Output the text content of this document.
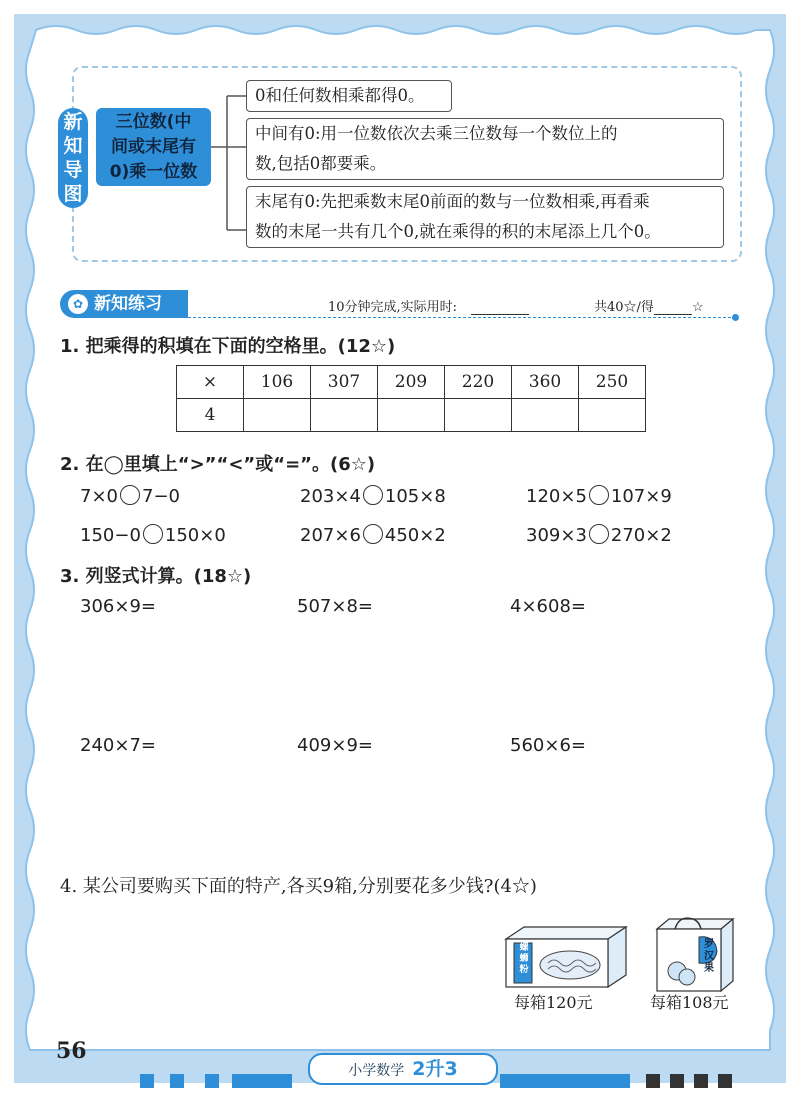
新
知
导
图
三位数(中
间或末尾有
0)乘一位数
0和任何数相乘都得0。
中间有0:用一位数依次去乘三位数每一个数位上的
数,包括0都要乘。
末尾有0:先把乘数末尾0前面的数与一位数相乘,再看乘
数的末尾一共有几个0,就在乘得的积的末尾添上几个0。
✿ 新知练习	10分钟完成,实际用时:	共40☆/得	☆
1. 把乘得的积填在下面的空格里。(12☆)
×	106	307	209	220	360	250
4						
2. 在◯里填上“>”“<”或“=”。(6☆)
7×0 7−0	203×4 105×8	120×5 107×9
150−0 150×0	207×6 450×2	309×3 270×2
3. 列竖式计算。(18☆)
306×9=	507×8=	4×608=
240×7=	409×9=	560×6=
4. 某公司要购买下面的特产,各买9箱,分别要花多少钱?(4☆)
螺
蛳
粉
每箱120元
罗
汉
果
每箱108元
56
小学数学 2升3
